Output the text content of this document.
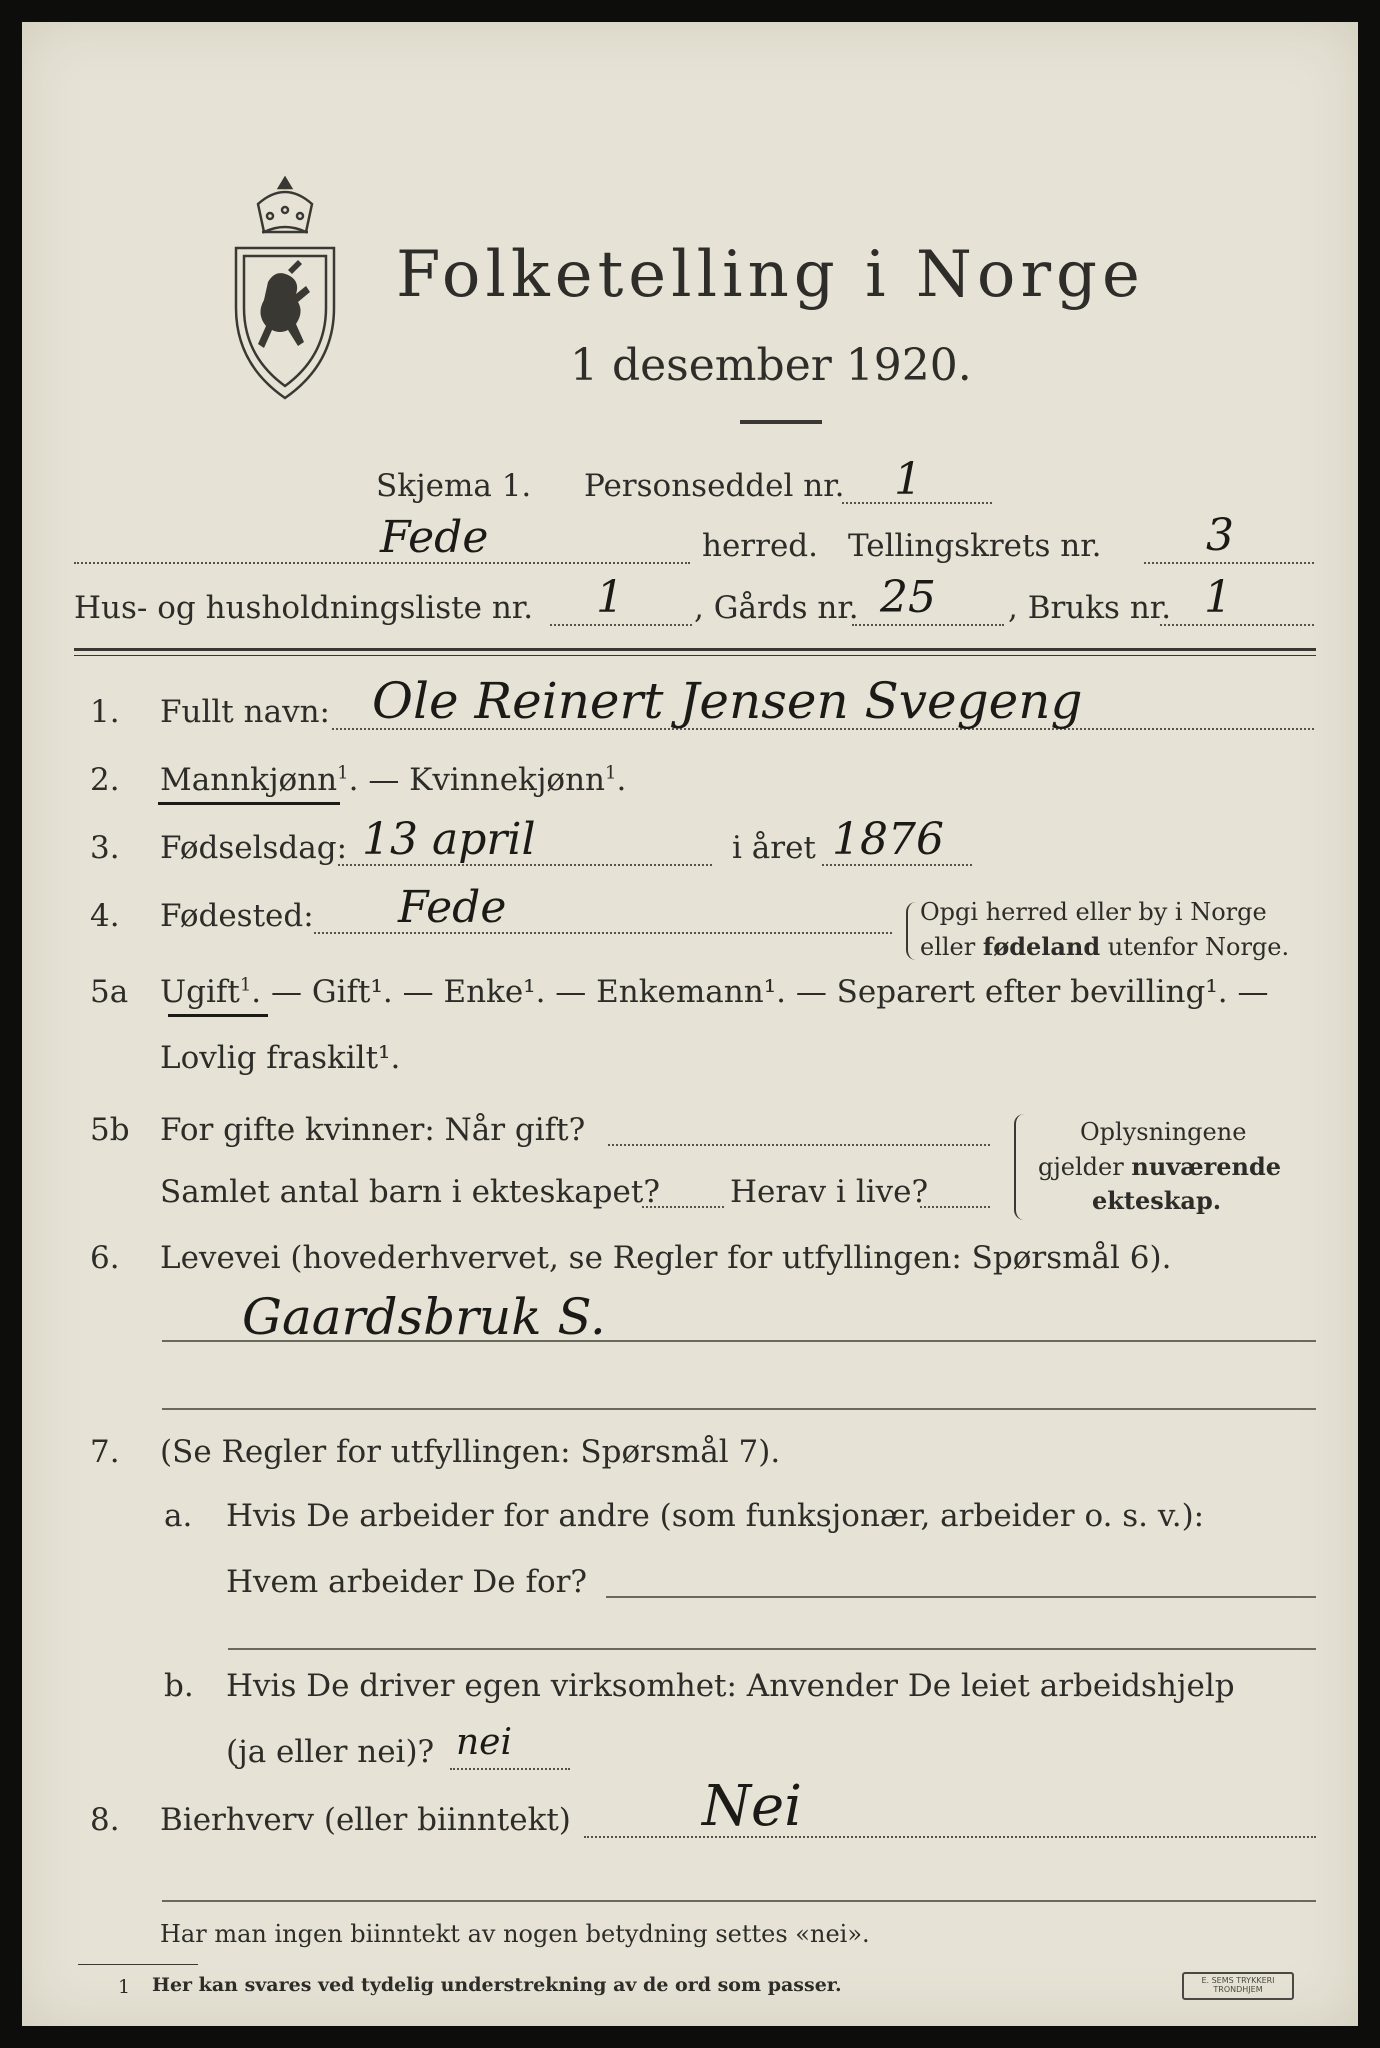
Folketelling i Norge
1 desember 1920.
Skjema 1. Personseddel nr. 1
Fede	herred. Tellingskrets nr. 3
Hus- og husholdningsliste nr. 1 , Gårds nr. 25 , Bruks nr. 1
1. Fullt navn: Ole Reinert Jensen Svegeng
2. Mannkjønn$^1$. — Kvinnekjønn$^1$.
3. Fødselsdag: 13 april	i året 1876
4. Fødested: Fede	Opgi herred eller by i Norge
eller fødeland utenfor Norge.
5a Ugift$^1$. — Gift¹. — Enke¹. — Enkemann¹. — Separert efter bevilling¹. —
Lovlig fraskilt¹.
5b For gifte kvinner: Når gift?
Samlet antal barn i ekteskapet? Herav i live?
Oplysningene
gjelder nuværende
ekteskap.
6. Levevei (hovederhvervet, se Regler for utfyllingen: Spørsmål 6).
Gaardsbruk S.
7. (Se Regler for utfyllingen: Spørsmål 7).
a. Hvis De arbeider for andre (som funksjonær, arbeider o. s. v.):
Hvem arbeider De for?
b. Hvis De driver egen virksomhet: Anvender De leiet arbeidshjelp
(ja eller nei)? nei
8. Bierhverv (eller biinntekt) Nei
Har man ingen biinntekt av nogen betydning settes «nei».
1 Her kan svares ved tydelig understrekning av de ord som passer.	E. SEMS TRYKKERI TRONDHJEM
